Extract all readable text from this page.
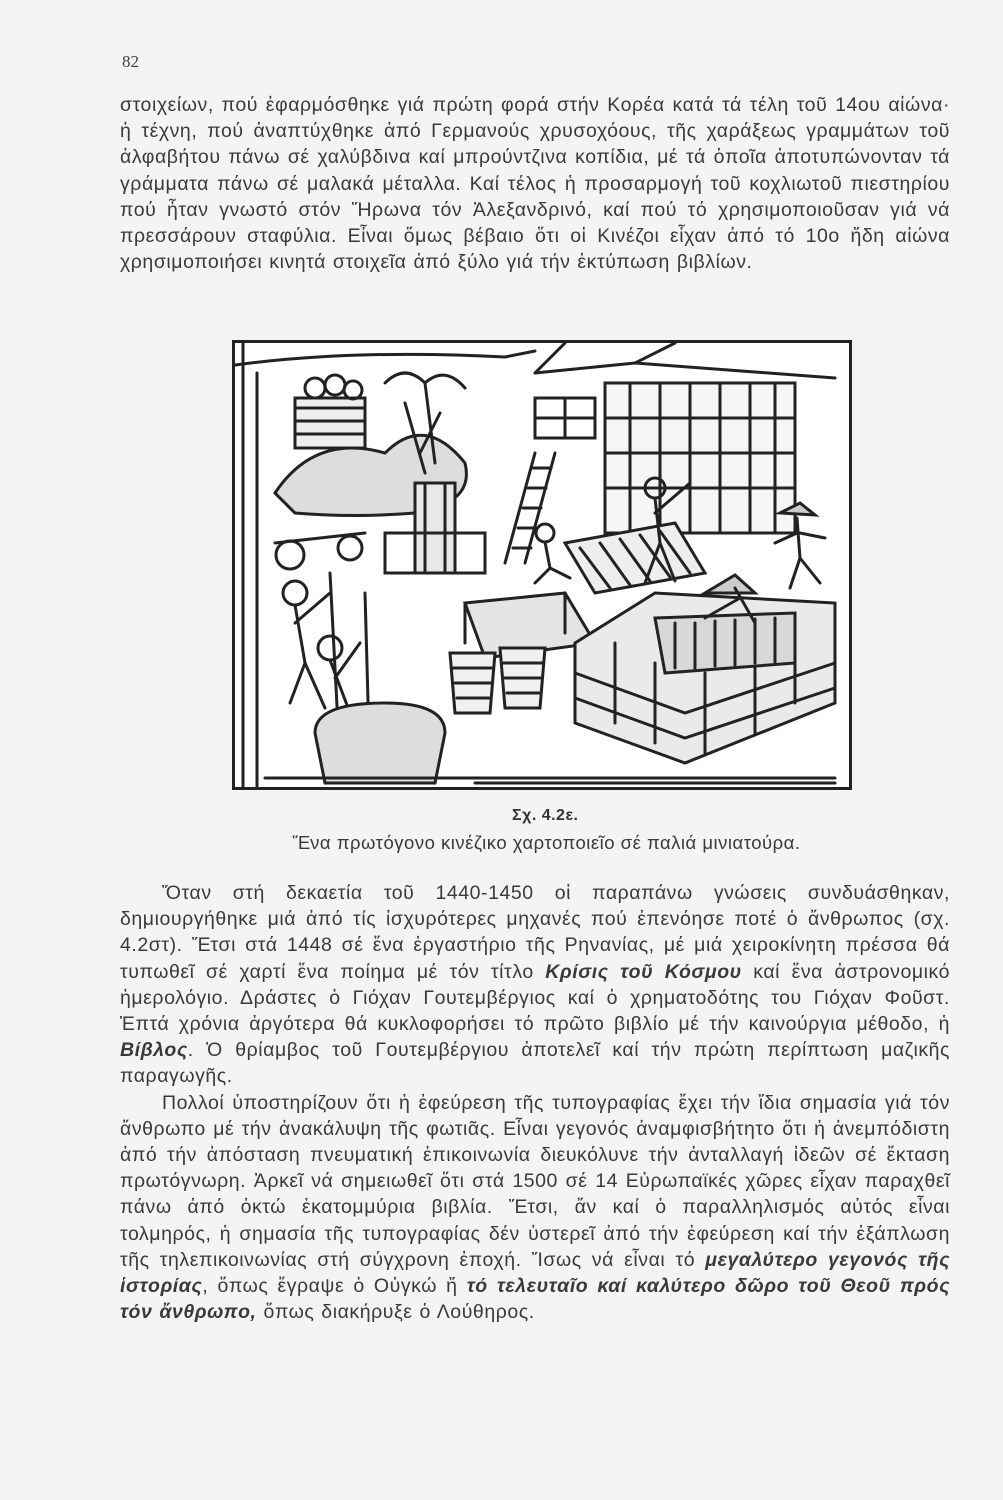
82

στοιχείων, πού ἐφαρμόσθηκε γιά πρώτη φορά στήν Κορέα κατά τά τέλη τοῦ 14ου αἰώνα· ἡ τέχνη, πού ἀναπτύχθηκε ἀπό Γερμανούς χρυσοχόους, τῆς χαράξεως γραμμάτων τοῦ ἀλφαβήτου πάνω σέ χαλύβδινα καί μπρούντζινα κοπίδια, μέ τά ὁποῖα ἀποτυπώνονταν τά γράμματα πάνω σέ μαλακά μέταλλα. Καί τέλος ἡ προσαρμογή τοῦ κοχλιωτοῦ πιεστηρίου πού ἦταν γνωστό στόν Ἥρωνα τόν Ἀλεξανδρινό, καί πού τό χρησιμοποιοῦσαν γιά νά πρεσσάρουν σταφύλια. Εἶναι ὅμως βέβαιο ὅτι οἱ Κινέζοι εἶχαν ἀπό τό 10ο ἤδη αἰώνα χρησιμοποιήσει κινητά στοιχεῖα ἀπό ξύλο γιά τήν ἐκτύπωση βιβλίων.

Σχ. 4.2ε.
Ἕνα πρωτόγονο κινέζικο χαρτοποιεῖο σέ παλιά μινιατούρα.

Ὅταν στή δεκαετία τοῦ 1440-1450 οἱ παραπάνω γνώσεις συνδυάσθηκαν, δημιουργήθηκε μιά ἀπό τίς ἰσχυρότερες μηχανές πού ἐπενόησε ποτέ ὁ ἄνθρωπος (σχ. 4.2στ). Ἔτσι στά 1448 σέ ἕνα ἐργαστήριο τῆς Ρηνανίας, μέ μιά χειροκίνητη πρέσσα θά τυπωθεῖ σέ χαρτί ἕνα ποίημα μέ τόν τίτλο Κρίσις τοῦ Κόσμου καί ἕνα ἀστρονομικό ἡμερολόγιο. Δράστες ὁ Γιόχαν Γουτεμβέργιος καί ὁ χρηματοδότης του Γιόχαν Φοῦστ. Ἑπτά χρόνια ἀργότερα θά κυκλοφορήσει τό πρῶτο βιβλίο μέ τήν καινούργια μέθοδο, ἡ Βίβλος. Ὁ θρίαμβος τοῦ Γουτεμβέργιου ἀποτελεῖ καί τήν πρώτη περίπτωση μαζικῆς παραγωγῆς.

Πολλοί ὑποστηρίζουν ὅτι ἡ ἐφεύρεση τῆς τυπογραφίας ἔχει τήν ἴδια σημασία γιά τόν ἄνθρωπο μέ τήν ἀνακάλυψη τῆς φωτιᾶς. Εἶναι γεγονός ἀναμφισβήτητο ὅτι ἡ ἀνεμπόδιστη ἀπό τήν ἀπόσταση πνευματική ἐπικοινωνία διευκόλυνε τήν ἀνταλλαγή ἰδεῶν σέ ἔκταση πρωτόγνωρη. Ἀρκεῖ νά σημειωθεῖ ὅτι στά 1500 σέ 14 Εὐρωπαϊκές χῶρες εἶχαν παραχθεῖ πάνω ἀπό ὀκτώ ἑκατομμύρια βιβλία. Ἔτσι, ἄν καί ὁ παραλληλισμός αὐτός εἶναι τολμηρός, ἡ σημασία τῆς τυπογραφίας δέν ὑστερεῖ ἀπό τήν ἐφεύρεση καί τήν ἐξάπλωση τῆς τηλεπικοινωνίας στή σύγχρονη ἐποχή. Ἴσως νά εἶναι τό μεγαλύτερο γεγονός τῆς ἱστορίας, ὅπως ἔγραψε ὁ Οὐγκώ ἤ τό τελευταῖο καί καλύτερο δῶρο τοῦ Θεοῦ πρός τόν ἄνθρωπο, ὅπως διακήρυξε ὁ Λούθηρος.
